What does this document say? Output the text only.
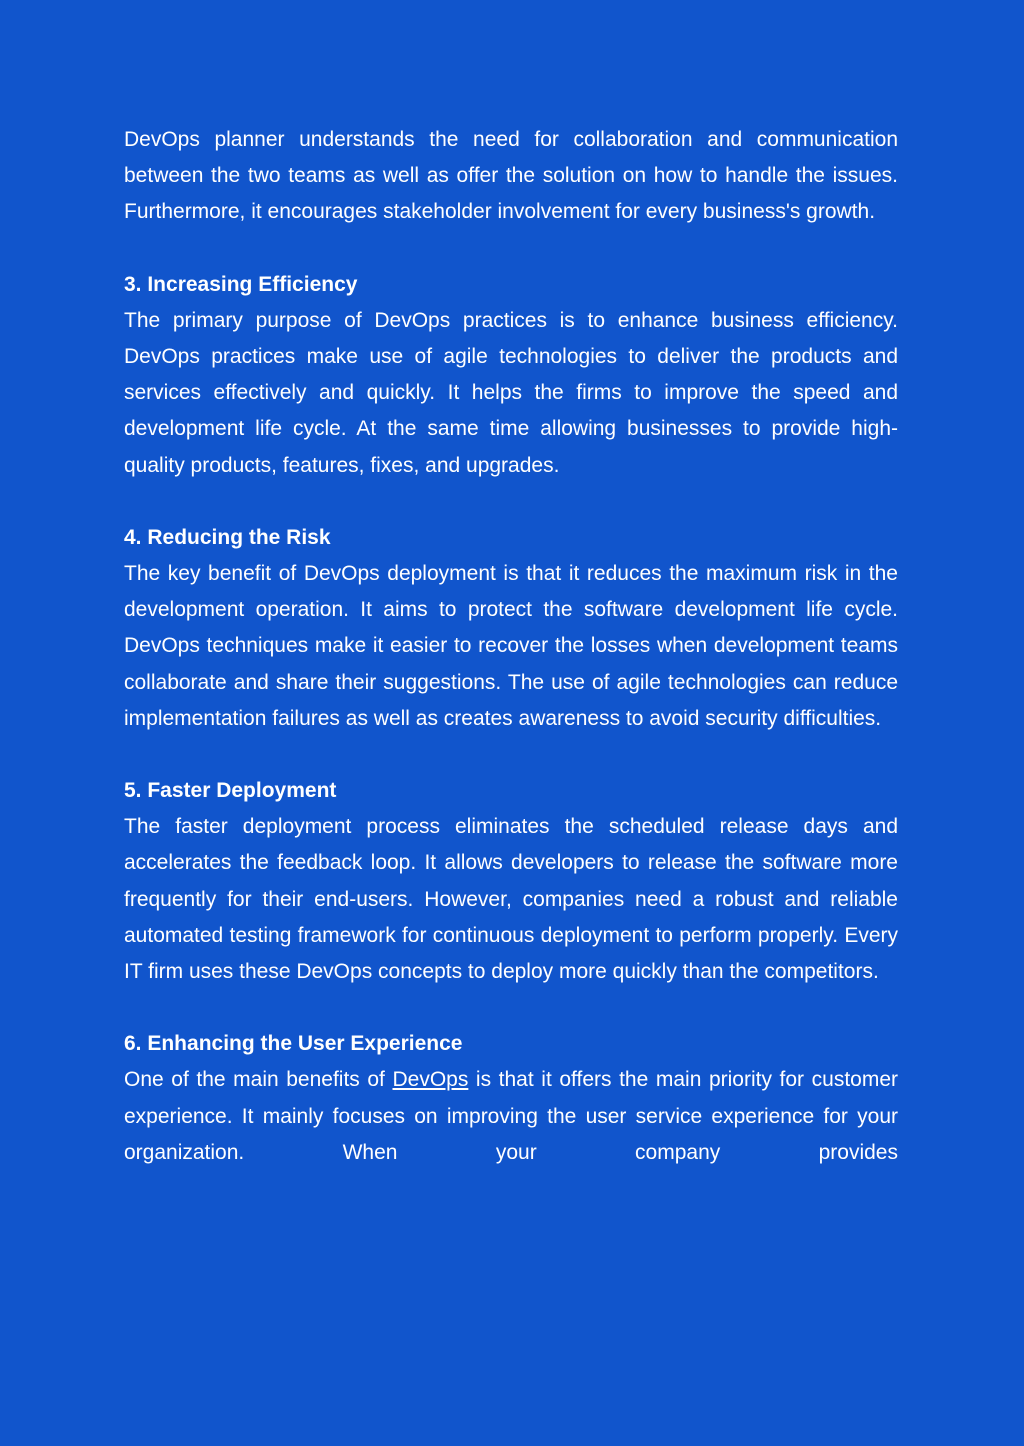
DevOps planner understands the need for collaboration and communication between the two teams as well as offer the solution on how to handle the issues. Furthermore, it encourages stakeholder involvement for every business's growth.

3. Increasing Efficiency

The primary purpose of DevOps practices is to enhance business efficiency. DevOps practices make use of agile technologies to deliver the products and services effectively and quickly. It helps the firms to improve the speed and development life cycle. At the same time allowing businesses to provide high-quality products, features, fixes, and upgrades.

4. Reducing the Risk

The key benefit of DevOps deployment is that it reduces the maximum risk in the development operation. It aims to protect the software development life cycle. DevOps techniques make it easier to recover the losses when development teams collaborate and share their suggestions. The use of agile technologies can reduce implementation failures as well as creates awareness to avoid security difficulties.

5. Faster Deployment

The faster deployment process eliminates the scheduled release days and accelerates the feedback loop. It allows developers to release the software more frequently for their end-users. However, companies need a robust and reliable automated testing framework for continuous deployment to perform properly. Every IT firm uses these DevOps concepts to deploy more quickly than the competitors.

6. Enhancing the User Experience

One of the main benefits of DevOps is that it offers the main priority for customer experience. It mainly focuses on improving the user service experience for your organization. When your company provides
